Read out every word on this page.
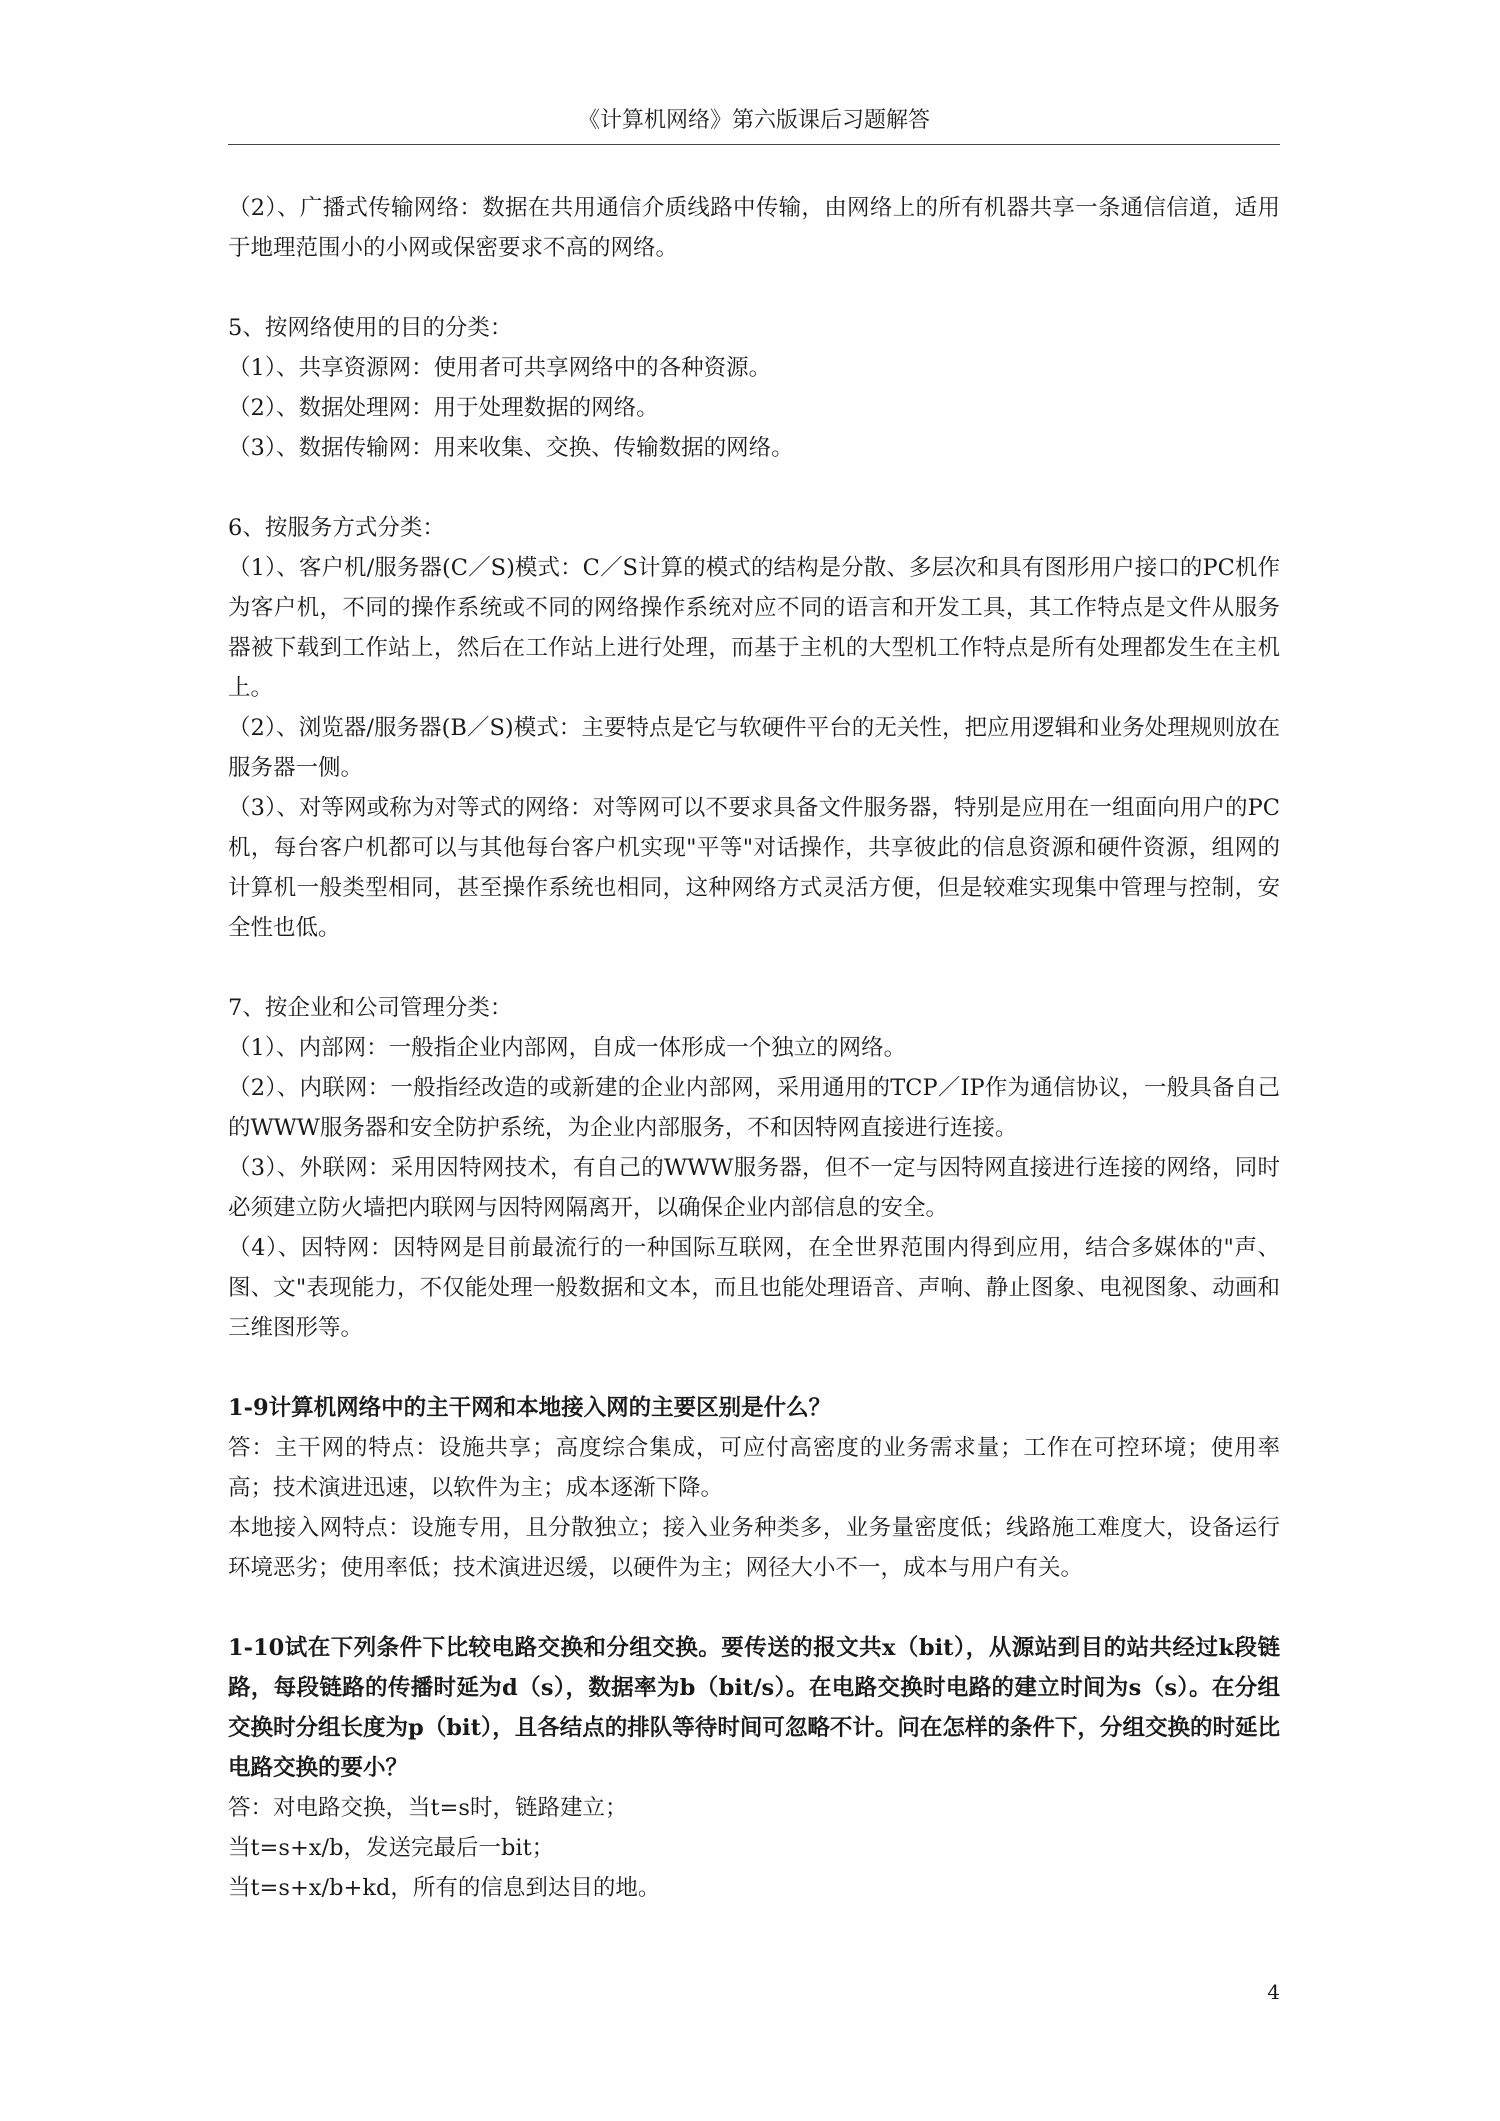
《计算机网络》第六版课后习题解答

（2）、广播式传输网络：数据在共用通信介质线路中传输，由网络上的所有机器共享一条通信信道，适用于地理范围小的小网或保密要求不高的网络。

5、按网络使用的目的分类：

（1）、共享资源网：使用者可共享网络中的各种资源。

（2）、数据处理网：用于处理数据的网络。

（3）、数据传输网：用来收集、交换、传输数据的网络。

6、按服务方式分类：

（1）、客户机/服务器(C／S)模式：C／S计算的模式的结构是分散、多层次和具有图形用户接口的PC机作为客户机，不同的操作系统或不同的网络操作系统对应不同的语言和开发工具，其工作特点是文件从服务器被下载到工作站上，然后在工作站上进行处理，而基于主机的大型机工作特点是所有处理都发生在主机上。

（2）、浏览器/服务器(B／S)模式：主要特点是它与软硬件平台的无关性，把应用逻辑和业务处理规则放在服务器一侧。

（3）、对等网或称为对等式的网络：对等网可以不要求具备文件服务器，特别是应用在一组面向用户的PC机，每台客户机都可以与其他每台客户机实现"平等"对话操作，共享彼此的信息资源和硬件资源，组网的计算机一般类型相同，甚至操作系统也相同，这种网络方式灵活方便，但是较难实现集中管理与控制，安全性也低。

7、按企业和公司管理分类：

（1）、内部网：一般指企业内部网，自成一体形成一个独立的网络。

（2）、内联网：一般指经改造的或新建的企业内部网，采用通用的TCP／IP作为通信协议，一般具备自己的WWW服务器和安全防护系统，为企业内部服务，不和因特网直接进行连接。

（3）、外联网：采用因特网技术，有自己的WWW服务器，但不一定与因特网直接进行连接的网络，同时必须建立防火墙把内联网与因特网隔离开，以确保企业内部信息的安全。

（4）、因特网：因特网是目前最流行的一种国际互联网，在全世界范围内得到应用，结合多媒体的"声、图、文"表现能力，不仅能处理一般数据和文本，而且也能处理语音、声响、静止图象、电视图象、动画和三维图形等。

1-9计算机网络中的主干网和本地接入网的主要区别是什么？

答：主干网的特点：设施共享；高度综合集成，可应付高密度的业务需求量；工作在可控环境；使用率高；技术演进迅速，以软件为主；成本逐渐下降。

本地接入网特点：设施专用，且分散独立；接入业务种类多，业务量密度低；线路施工难度大，设备运行环境恶劣；使用率低；技术演进迟缓，以硬件为主；网径大小不一，成本与用户有关。

1-10试在下列条件下比较电路交换和分组交换。要传送的报文共x（bit），从源站到目的站共经过k段链路，每段链路的传播时延为d（s），数据率为b（bit/s）。在电路交换时电路的建立时间为s（s）。在分组交换时分组长度为p（bit），且各结点的排队等待时间可忽略不计。问在怎样的条件下，分组交换的时延比电路交换的要小？

答：对电路交换，当t=s时，链路建立；

当t=s+x/b，发送完最后一bit；

当t=s+x/b+kd，所有的信息到达目的地。

4
